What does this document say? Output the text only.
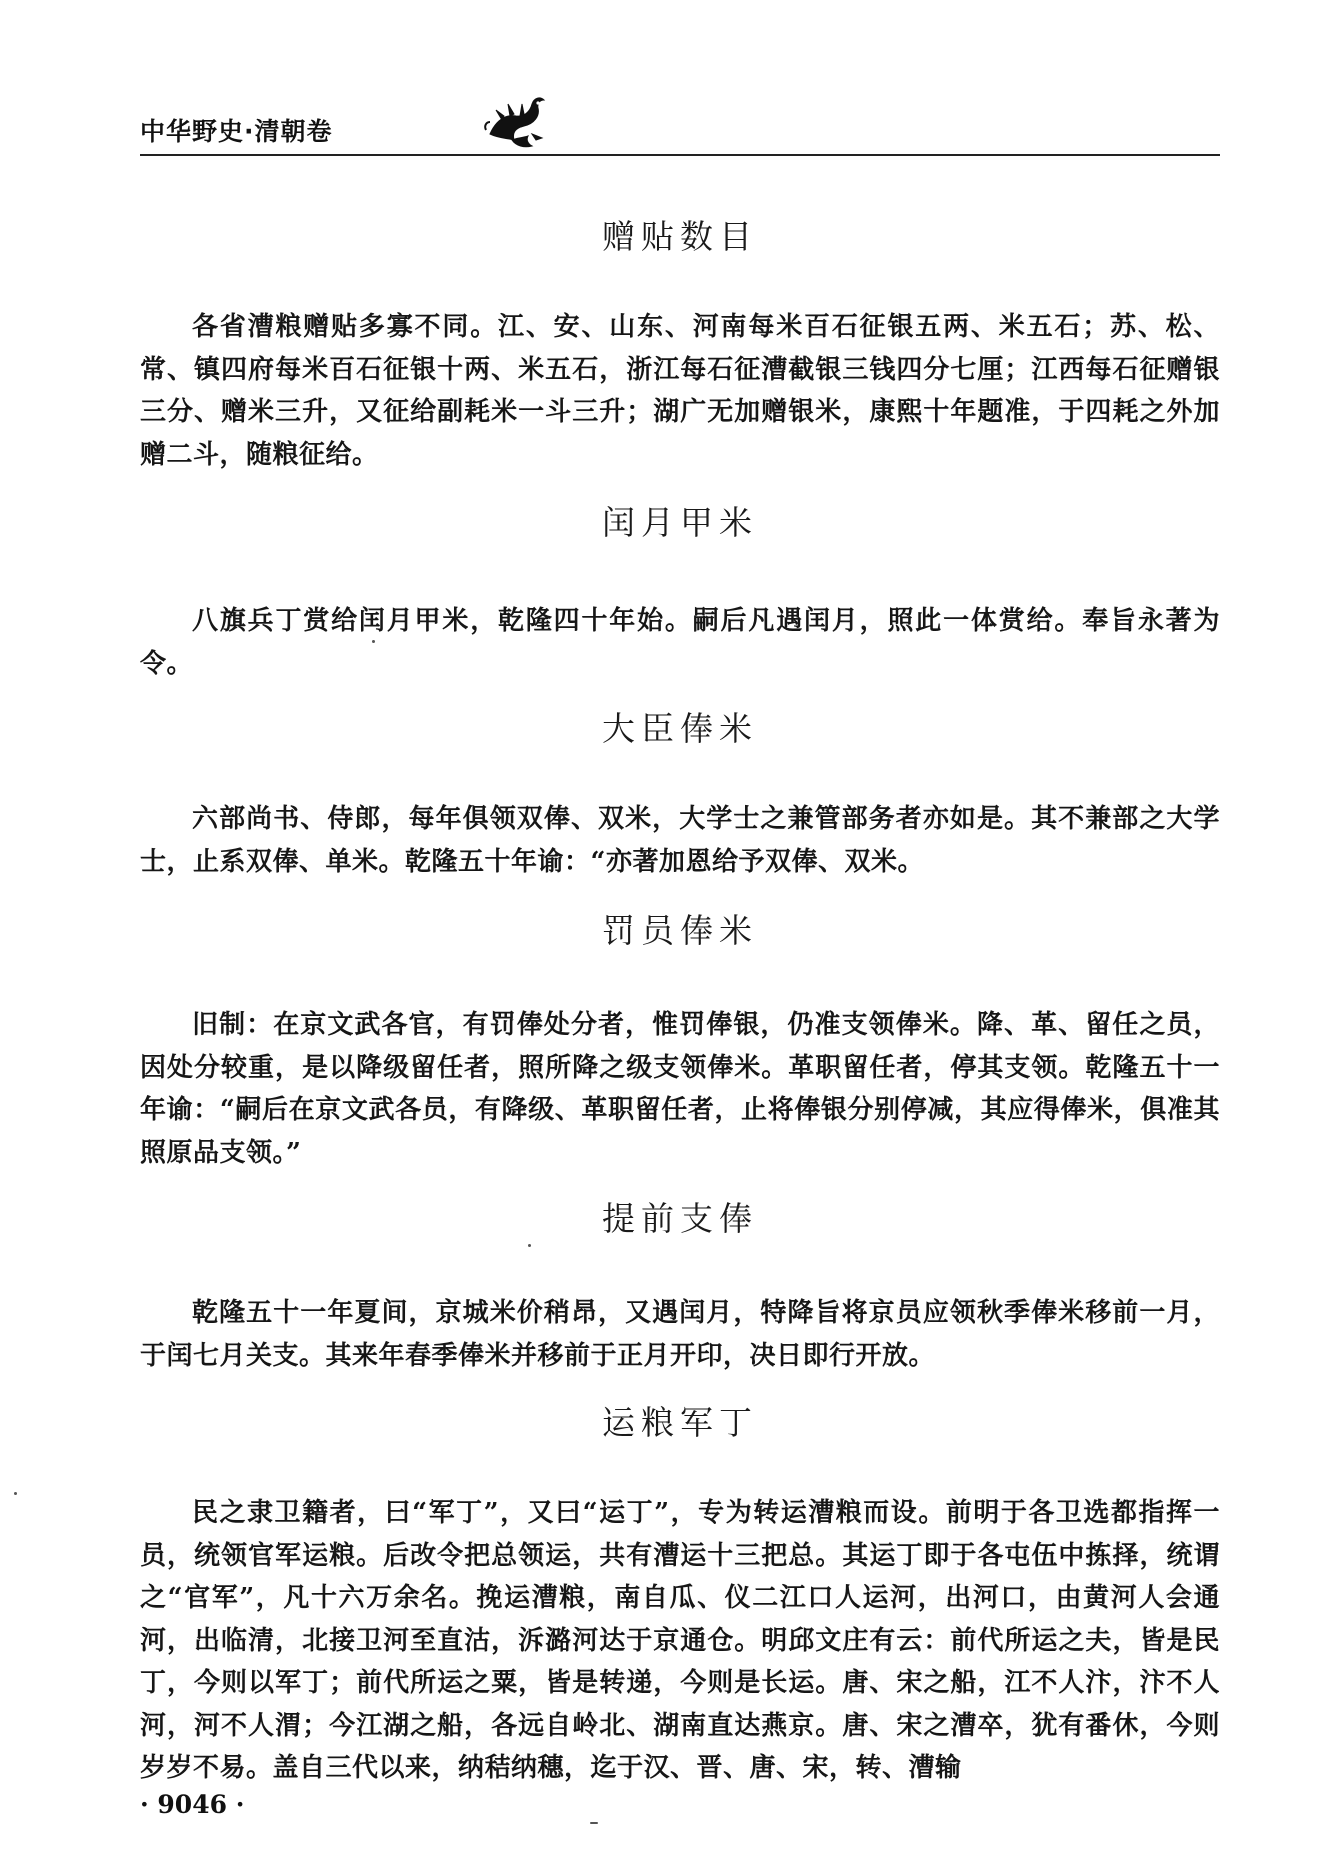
中华野史·清朝卷
赠贴数目

各省漕粮赠贴多寡不同。江、安、山东、河南每米百石征银五两、米五石；苏、松、常、镇四府每米百石征银十两、米五石，浙江每石征漕截银三钱四分七厘；江西每石征赠银三分、赠米三升，又征给副耗米一斗三升；湖广无加赠银米，康熙十年题准，于四耗之外加赠二斗，随粮征给。

闰月甲米

八旗兵丁赏给闰月甲米，乾隆四十年始。嗣后凡遇闰月，照此一体赏给。奉旨永著为令。

大臣俸米

六部尚书、侍郎，每年俱领双俸、双米，大学士之兼管部务者亦如是。其不兼部之大学士，止系双俸、单米。乾隆五十年谕：“亦著加恩给予双俸、双米。

罚员俸米

旧制：在京文武各官，有罚俸处分者，惟罚俸银，仍准支领俸米。降、革、留任之员，因处分较重，是以降级留任者，照所降之级支领俸米。革职留任者，停其支领。乾隆五十一年谕：“嗣后在京文武各员，有降级、革职留任者，止将俸银分别停减，其应得俸米，俱准其照原品支领。”

提前支俸

乾隆五十一年夏间，京城米价稍昂，又遇闰月，特降旨将京员应领秋季俸米移前一月，于闰七月关支。其来年春季俸米并移前于正月开印，决日即行开放。

运粮军丁

民之隶卫籍者，曰“军丁”，又曰“运丁”，专为转运漕粮而设。前明于各卫选都指挥一员，统领官军运粮。后改令把总领运，共有漕运十三把总。其运丁即于各屯伍中拣择，统谓之“官军”，凡十六万余名。挽运漕粮，南自瓜、仪二江口人运河，出河口，由黄河人会通河，出临清，北接卫河至直沽，泝潞河达于京通仓。明邱文庄有云：前代所运之夫，皆是民丁，今则以军丁；前代所运之粟，皆是转递，今则是长运。唐、宋之船，江不人汴，汴不人河，河不人渭；今江湖之船，各远自岭北、湖南直达燕京。唐、宋之漕卒，犹有番休，今则岁岁不易。盖自三代以来，纳秸纳穗，迄于汉、晋、唐、宋，转、漕输

· 9046 ·
